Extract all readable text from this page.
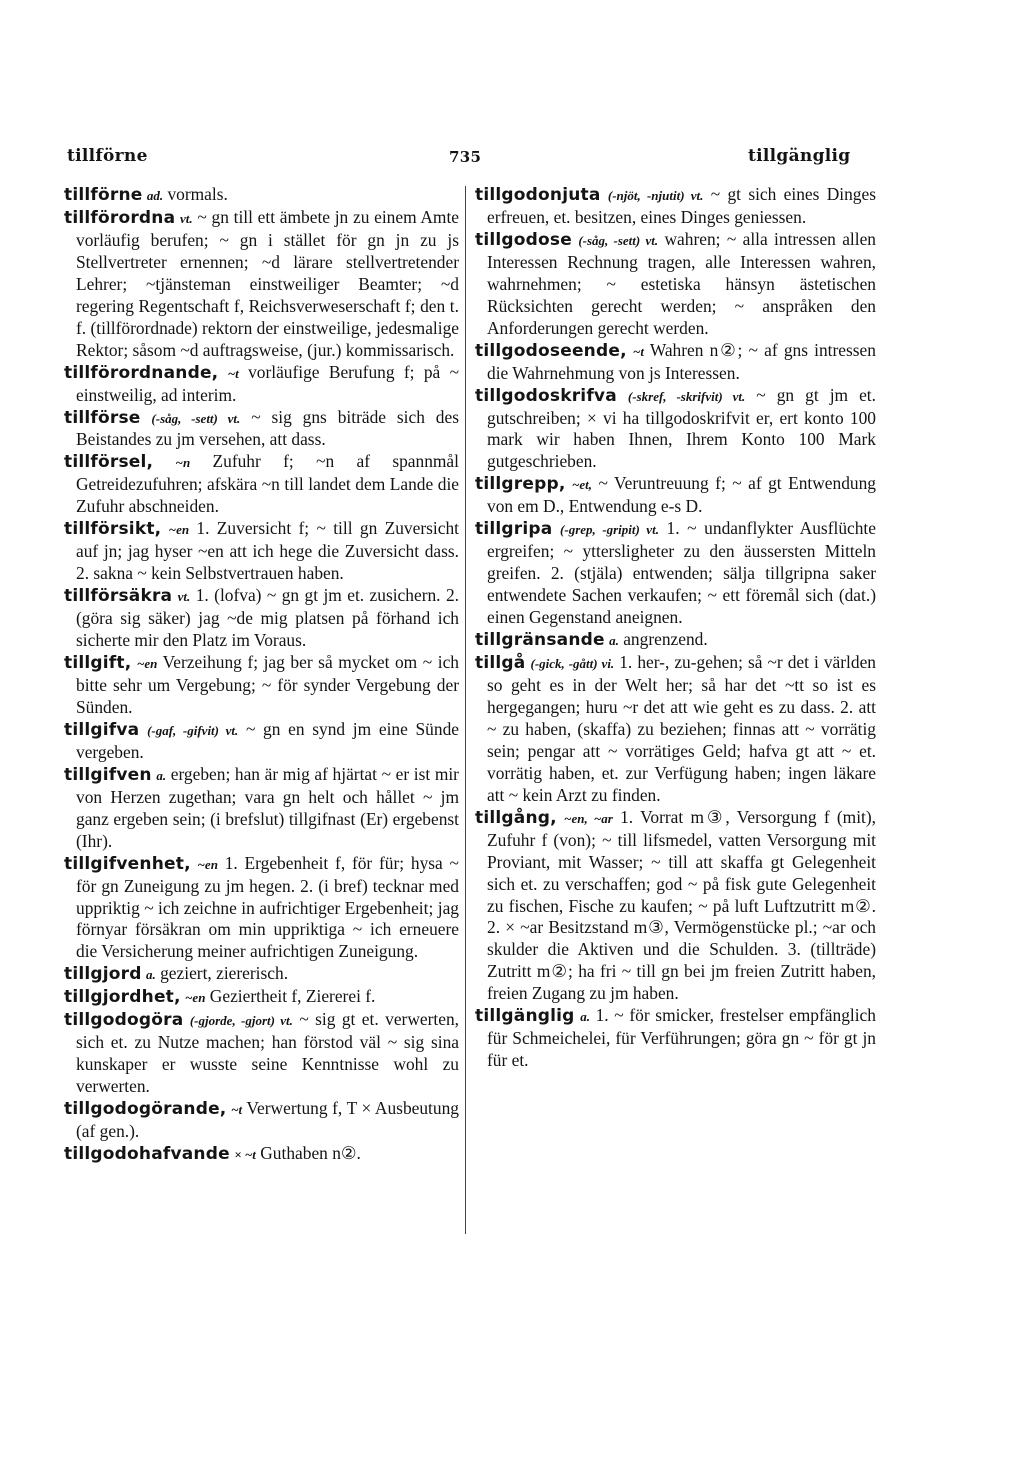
tillförne	735	tillgänglig

tillförne ad. vormals.

tillförordna vt. ~ gn till ett ämbete jn zu einem Amte vorläufig berufen; ~ gn i stället för gn jn zu js Stellvertreter ernennen; ~d lärare stellvertretender Lehrer; ~tjänsteman einstweiliger Beamter; ~d regering Regentschaft f, Reichsverweserschaft f; den t. f. (tillförordnade) rektorn der einstweilige, jedesmalige Rektor; såsom ~d auftragsweise, (jur.) kommissarisch.

tillförordnande, ~t vorläufige Berufung f; på ~ einstweilig, ad interim.

tillförse (-såg, -sett) vt. ~ sig gns biträde sich des Beistandes zu jm versehen, att dass.

tillförsel, ~n Zufuhr f; ~n af spannmål Getreidezufuhren; afskära ~n till landet dem Lande die Zufuhr abschneiden.

tillförsikt, ~en 1. Zuversicht f; ~ till gn Zuversicht auf jn; jag hyser ~en att ich hege die Zuversicht dass. 2. sakna ~ kein Selbstvertrauen haben.

tillförsäkra vt. 1. (lofva) ~ gn gt jm et. zusichern. 2. (göra sig säker) jag ~de mig platsen på förhand ich sicherte mir den Platz im Voraus.

tillgift, ~en Verzeihung f; jag ber så mycket om ~ ich bitte sehr um Vergebung; ~ för synder Vergebung der Sünden.

tillgifva (-gaf, -gifvit) vt. ~ gn en synd jm eine Sünde vergeben.

tillgifven a. ergeben; han är mig af hjärtat ~ er ist mir von Herzen zugethan; vara gn helt och hållet ~ jm ganz ergeben sein; (i brefslut) tillgifnast (Er) ergebenst (Ihr).

tillgifvenhet, ~en 1. Ergebenheit f, för für; hysa ~ för gn Zuneigung zu jm hegen. 2. (i bref) tecknar med uppriktig ~ ich zeichne in aufrichtiger Ergebenheit; jag förnyar försäkran om min uppriktiga ~ ich erneuere die Versicherung meiner aufrichtigen Zuneigung.

tillgjord a. geziert, ziererisch.

tillgjordhet, ~en Geziertheit f, Ziererei f.

tillgodogöra (-gjorde, -gjort) vt. ~ sig gt et. verwerten, sich et. zu Nutze machen; han förstod väl ~ sig sina kunskaper er wusste seine Kenntnisse wohl zu verwerten.

tillgodogörande, ~t Verwertung f, T × Ausbeutung (af gen.).

tillgodohafvande × ~t Guthaben n②.

tillgodonjuta (-njöt, -njutit) vt. ~ gt sich eines Dinges erfreuen, et. besitzen, eines Dinges geniessen.

tillgodose (-såg, -sett) vt. wahren; ~ alla intressen allen Interessen Rechnung tragen, alle Interessen wahren, wahrnehmen; ~ estetiska hänsyn ästetischen Rücksichten gerecht werden; ~ anspråken den Anforderungen gerecht werden.

tillgodoseende, ~t Wahren n②; ~ af gns intressen die Wahrnehmung von js Interessen.

tillgodoskrifva (-skref, -skrifvit) vt. ~ gn gt jm et. gutschreiben; × vi ha tillgodoskrifvit er, ert konto 100 mark wir haben Ihnen, Ihrem Konto 100 Mark gutgeschrieben.

tillgrepp, ~et, ~ Veruntreuung f; ~ af gt Entwendung von em D., Entwendung e-s D.

tillgripa (-grep, -gripit) vt. 1. ~ undanflykter Ausflüchte ergreifen; ~ yttersligheter zu den äussersten Mitteln greifen. 2. (stjäla) entwenden; sälja tillgripna saker entwendete Sachen verkaufen; ~ ett föremål sich (dat.) einen Gegenstand aneignen.

tillgränsande a. angrenzend.

tillgå (-gick, -gått) vi. 1. her-, zu-gehen; så ~r det i världen so geht es in der Welt her; så har det ~tt so ist es hergegangen; huru ~r det att wie geht es zu dass. 2. att ~ zu haben, (skaffa) zu beziehen; finnas att ~ vorrätig sein; pengar att ~ vorrätiges Geld; hafva gt att ~ et. vorrätig haben, et. zur Verfügung haben; ingen läkare att ~ kein Arzt zu finden.

tillgång, ~en, ~ar 1. Vorrat m③, Versorgung f (mit), Zufuhr f (von); ~ till lifsmedel, vatten Versorgung mit Proviant, mit Wasser; ~ till att skaffa gt Gelegenheit sich et. zu verschaffen; god ~ på fisk gute Gelegenheit zu fischen, Fische zu kaufen; ~ på luft Luftzutritt m②. 2. × ~ar Besitzstand m③, Vermögenstücke pl.; ~ar och skulder die Aktiven und die Schulden. 3. (tillträde) Zutritt m②; ha fri ~ till gn bei jm freien Zutritt haben, freien Zugang zu jm haben.

tillgänglig a. 1. ~ för smicker, frestelser empfänglich für Schmeichelei, für Verführungen; göra gn ~ för gt jn für et.
